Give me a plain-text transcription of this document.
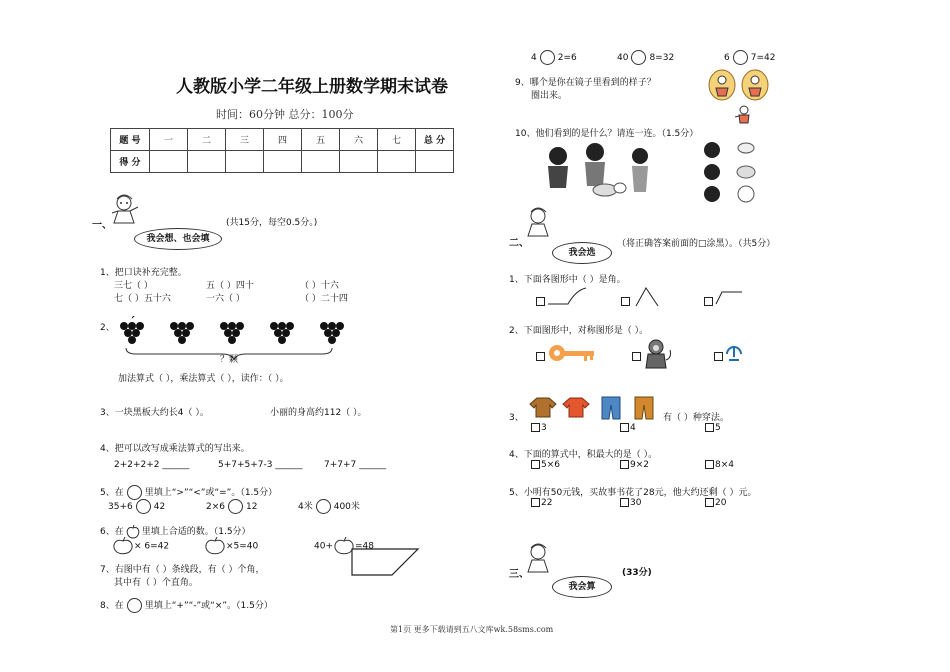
人教版小学二年级上册数学期末试卷
时间：60分钟 总分：100分
题 号	一	二	三	四	五	六	七	总 分
得 分								
一、	(共15分，每空0.5分。)
我会想、也会填
1、把口诀补充完整。
三七（ ）	五（ ）四十	（ ）十六
七（ ）五十六	一六（ ）	（ ）二十四
2、
？颗
加法算式（ ），乘法算式（ ），读作：（ ）。
3、一块黑板大约长4（ ）。	小丽的身高约112（ ）。
4、把可以改写成乘法算式的写出来。
2+2+2+2 ______	5+7+5+7-3 ______ 7+7+7 ______
5、在 里填上“>”“<”或“=”。（1.5分）
35+6 42	2×6 12	4米 400米
6、在 里填上合适的数。（1.5分）
× 6=42	×5=40	40+ =48
7、右图中有（ ）条线段，有（ ）个角，
其中有（ ）个直角。
8、在 里填上“+”“-”或“×”。（1.5分）
4 2=6	40 8=32	6 7=42
9、哪个是你在镜子里看到的样子？
圈出来。
10、他们看到的是什么？请连一连。（1.5分）
二、
我会选
（将正确答案前面的□涂黑）。（共5分）
1、下面各图形中（ ）是角。
2、下面图形中，对称图形是（ ）。
3、	有（ ）种穿法。
3	4	5
4、下面的算式中，积最大的是（ ）。
5×6	9×2	8×4
5、小明有50元钱，买故事书花了28元，他大约还剩（ ）元。
22	30	20
三、	(33分)
我会算
第1页 更多下载请到五八文库wk.58sms.com
